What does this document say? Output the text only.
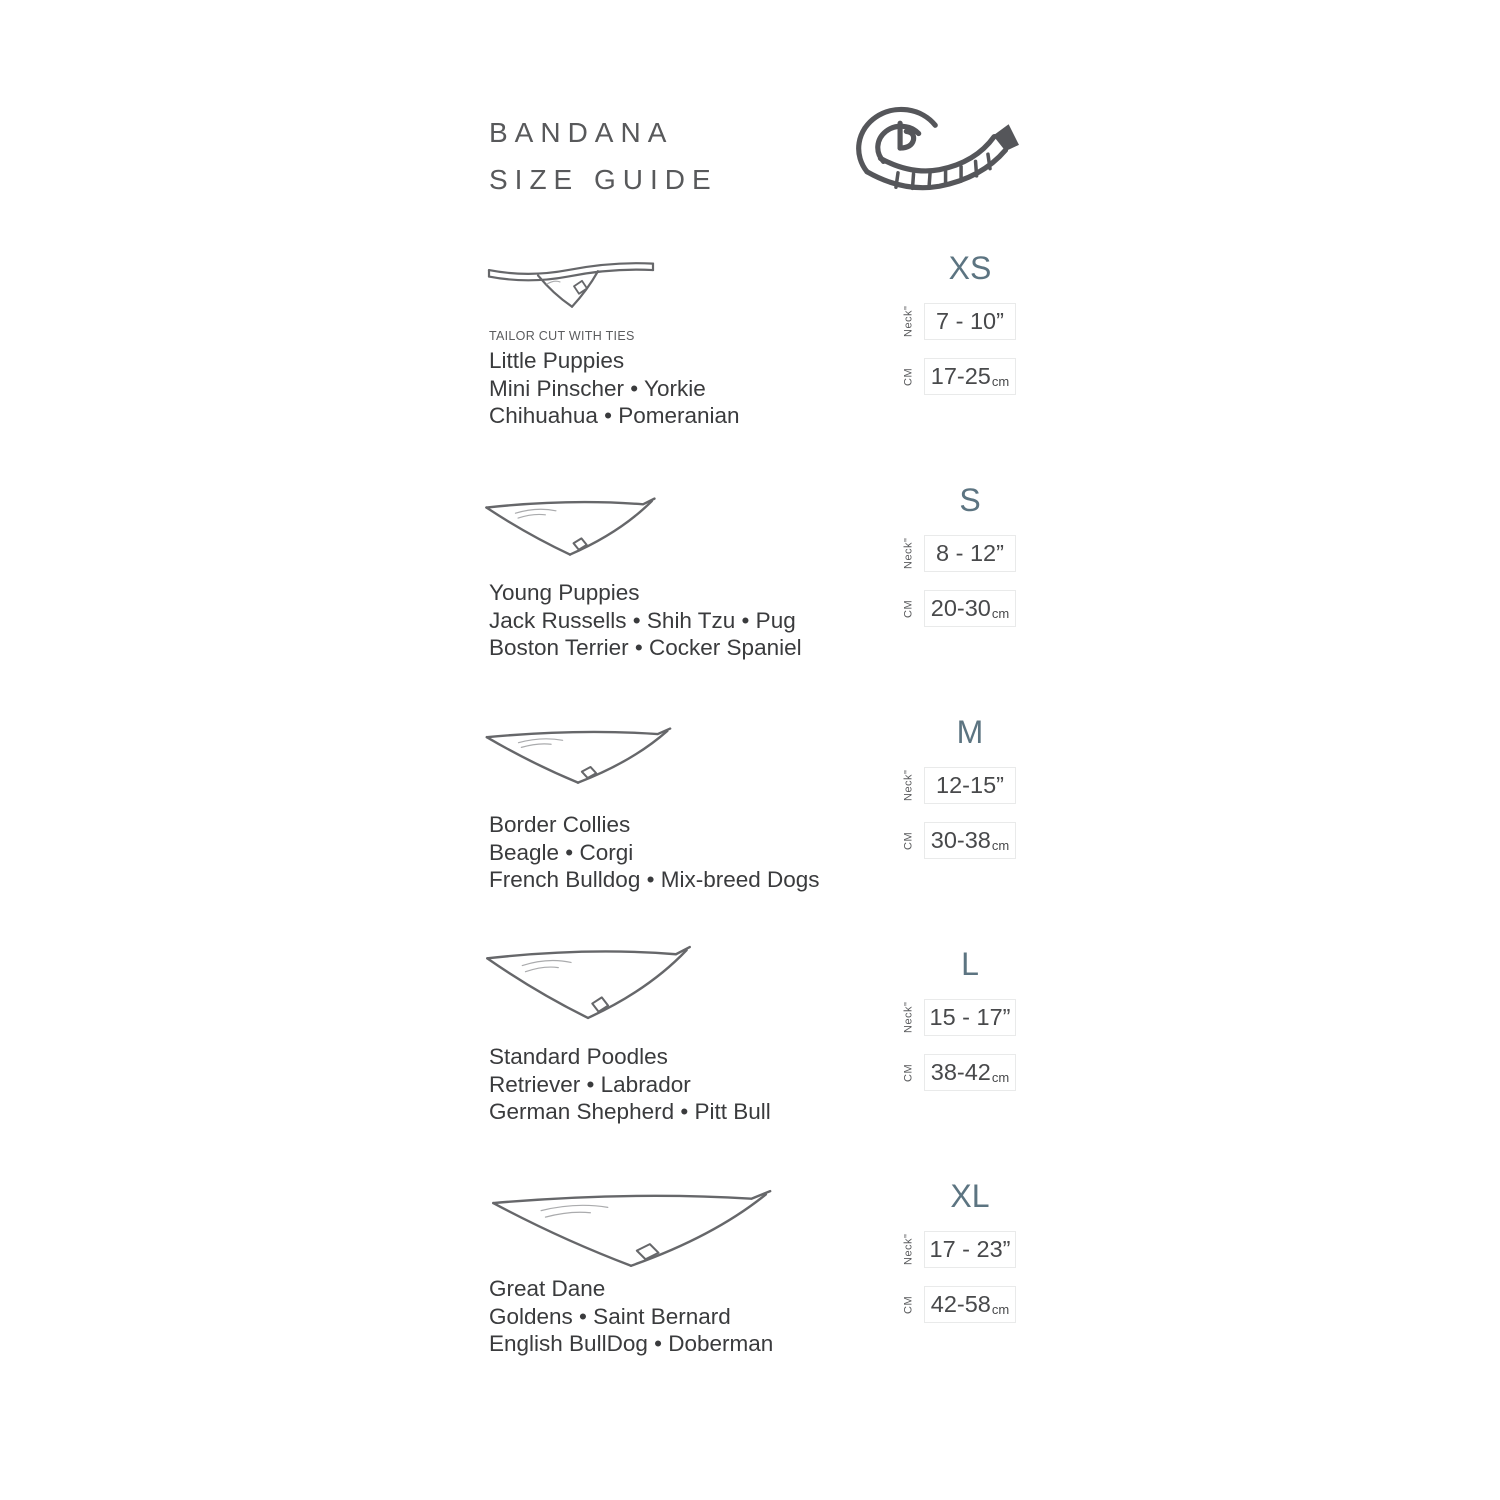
BANDANA
SIZE GUIDE
TAILOR CUT WITH TIES
Little Puppies
Mini Pinscher • Yorkie
Chihuahua • Pomeranian
XS
Neck" 7 - 10”
CM 17-25 cm
Young Puppies
Jack Russells • Shih Tzu • Pug
Boston Terrier • Cocker Spaniel
S
Neck" 8 - 12”
CM 20-30 cm
Border Collies
Beagle • Corgi
French Bulldog • Mix-breed Dogs
M
Neck" 12-15”
CM 30-38 cm
Standard Poodles
Retriever • Labrador
German Shepherd • Pitt Bull
L
Neck" 15 - 17”
CM 38-42 cm
Great Dane
Goldens • Saint Bernard
English BullDog • Doberman
XL
Neck" 17 - 23”
CM 42-58 cm
